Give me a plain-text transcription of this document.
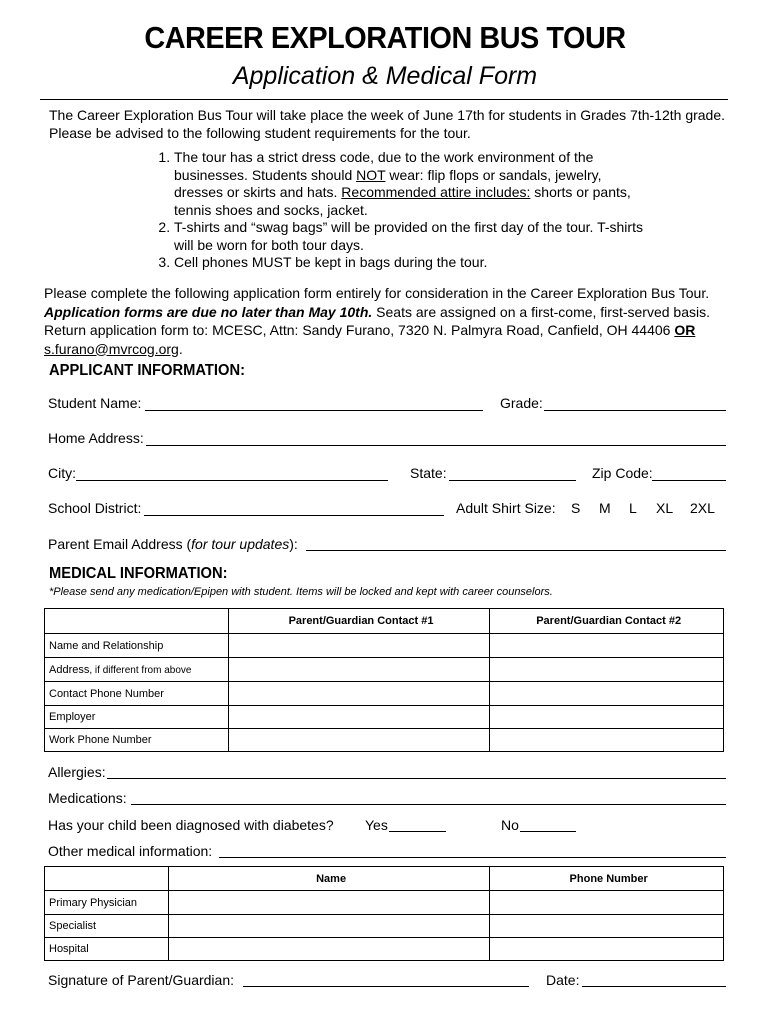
CAREER EXPLORATION BUS TOUR
Application & Medical Form
The Career Exploration Bus Tour will take place the week of June 17th for students in Grades 7th-12th grade. Please be advised to the following student requirements for the tour.
1. The tour has a strict dress code, due to the work environment of the businesses. Students should NOT wear: flip flops or sandals, jewelry, dresses or skirts and hats. Recommended attire includes: shorts or pants, tennis shoes and socks, jacket.
2. T-shirts and “swag bags” will be provided on the first day of the tour. T-shirts will be worn for both tour days.
3. Cell phones MUST be kept in bags during the tour.
Please complete the following application form entirely for consideration in the Career Exploration Bus Tour.
Application forms are due no later than May 10th. Seats are assigned on a first-come, first-served basis.
Return application form to: MCESC, Attn: Sandy Furano, 7320 N. Palmyra Road, Canfield, OH 44406 OR
s.furano@mvrcog.org.
APPLICANT INFORMATION:
Student Name:	Grade:
Home Address:
City:	State:	Zip Code:
School District:	Adult Shirt Size: S M L XL 2XL
Parent Email Address (for tour updates):
MEDICAL INFORMATION:
*Please send any medication/Epipen with student. Items will be locked and kept with career counselors.
	Parent/Guardian Contact #1	Parent/Guardian Contact #2
Name and Relationship		
Address, if different from above		
Contact Phone Number		
Employer		
Work Phone Number		
Allergies:
Medications:
Has your child been diagnosed with diabetes? Yes	No
Other medical information:
	Name	Phone Number
Primary Physician		
Specialist		
Hospital		
Signature of Parent/Guardian:	Date:
